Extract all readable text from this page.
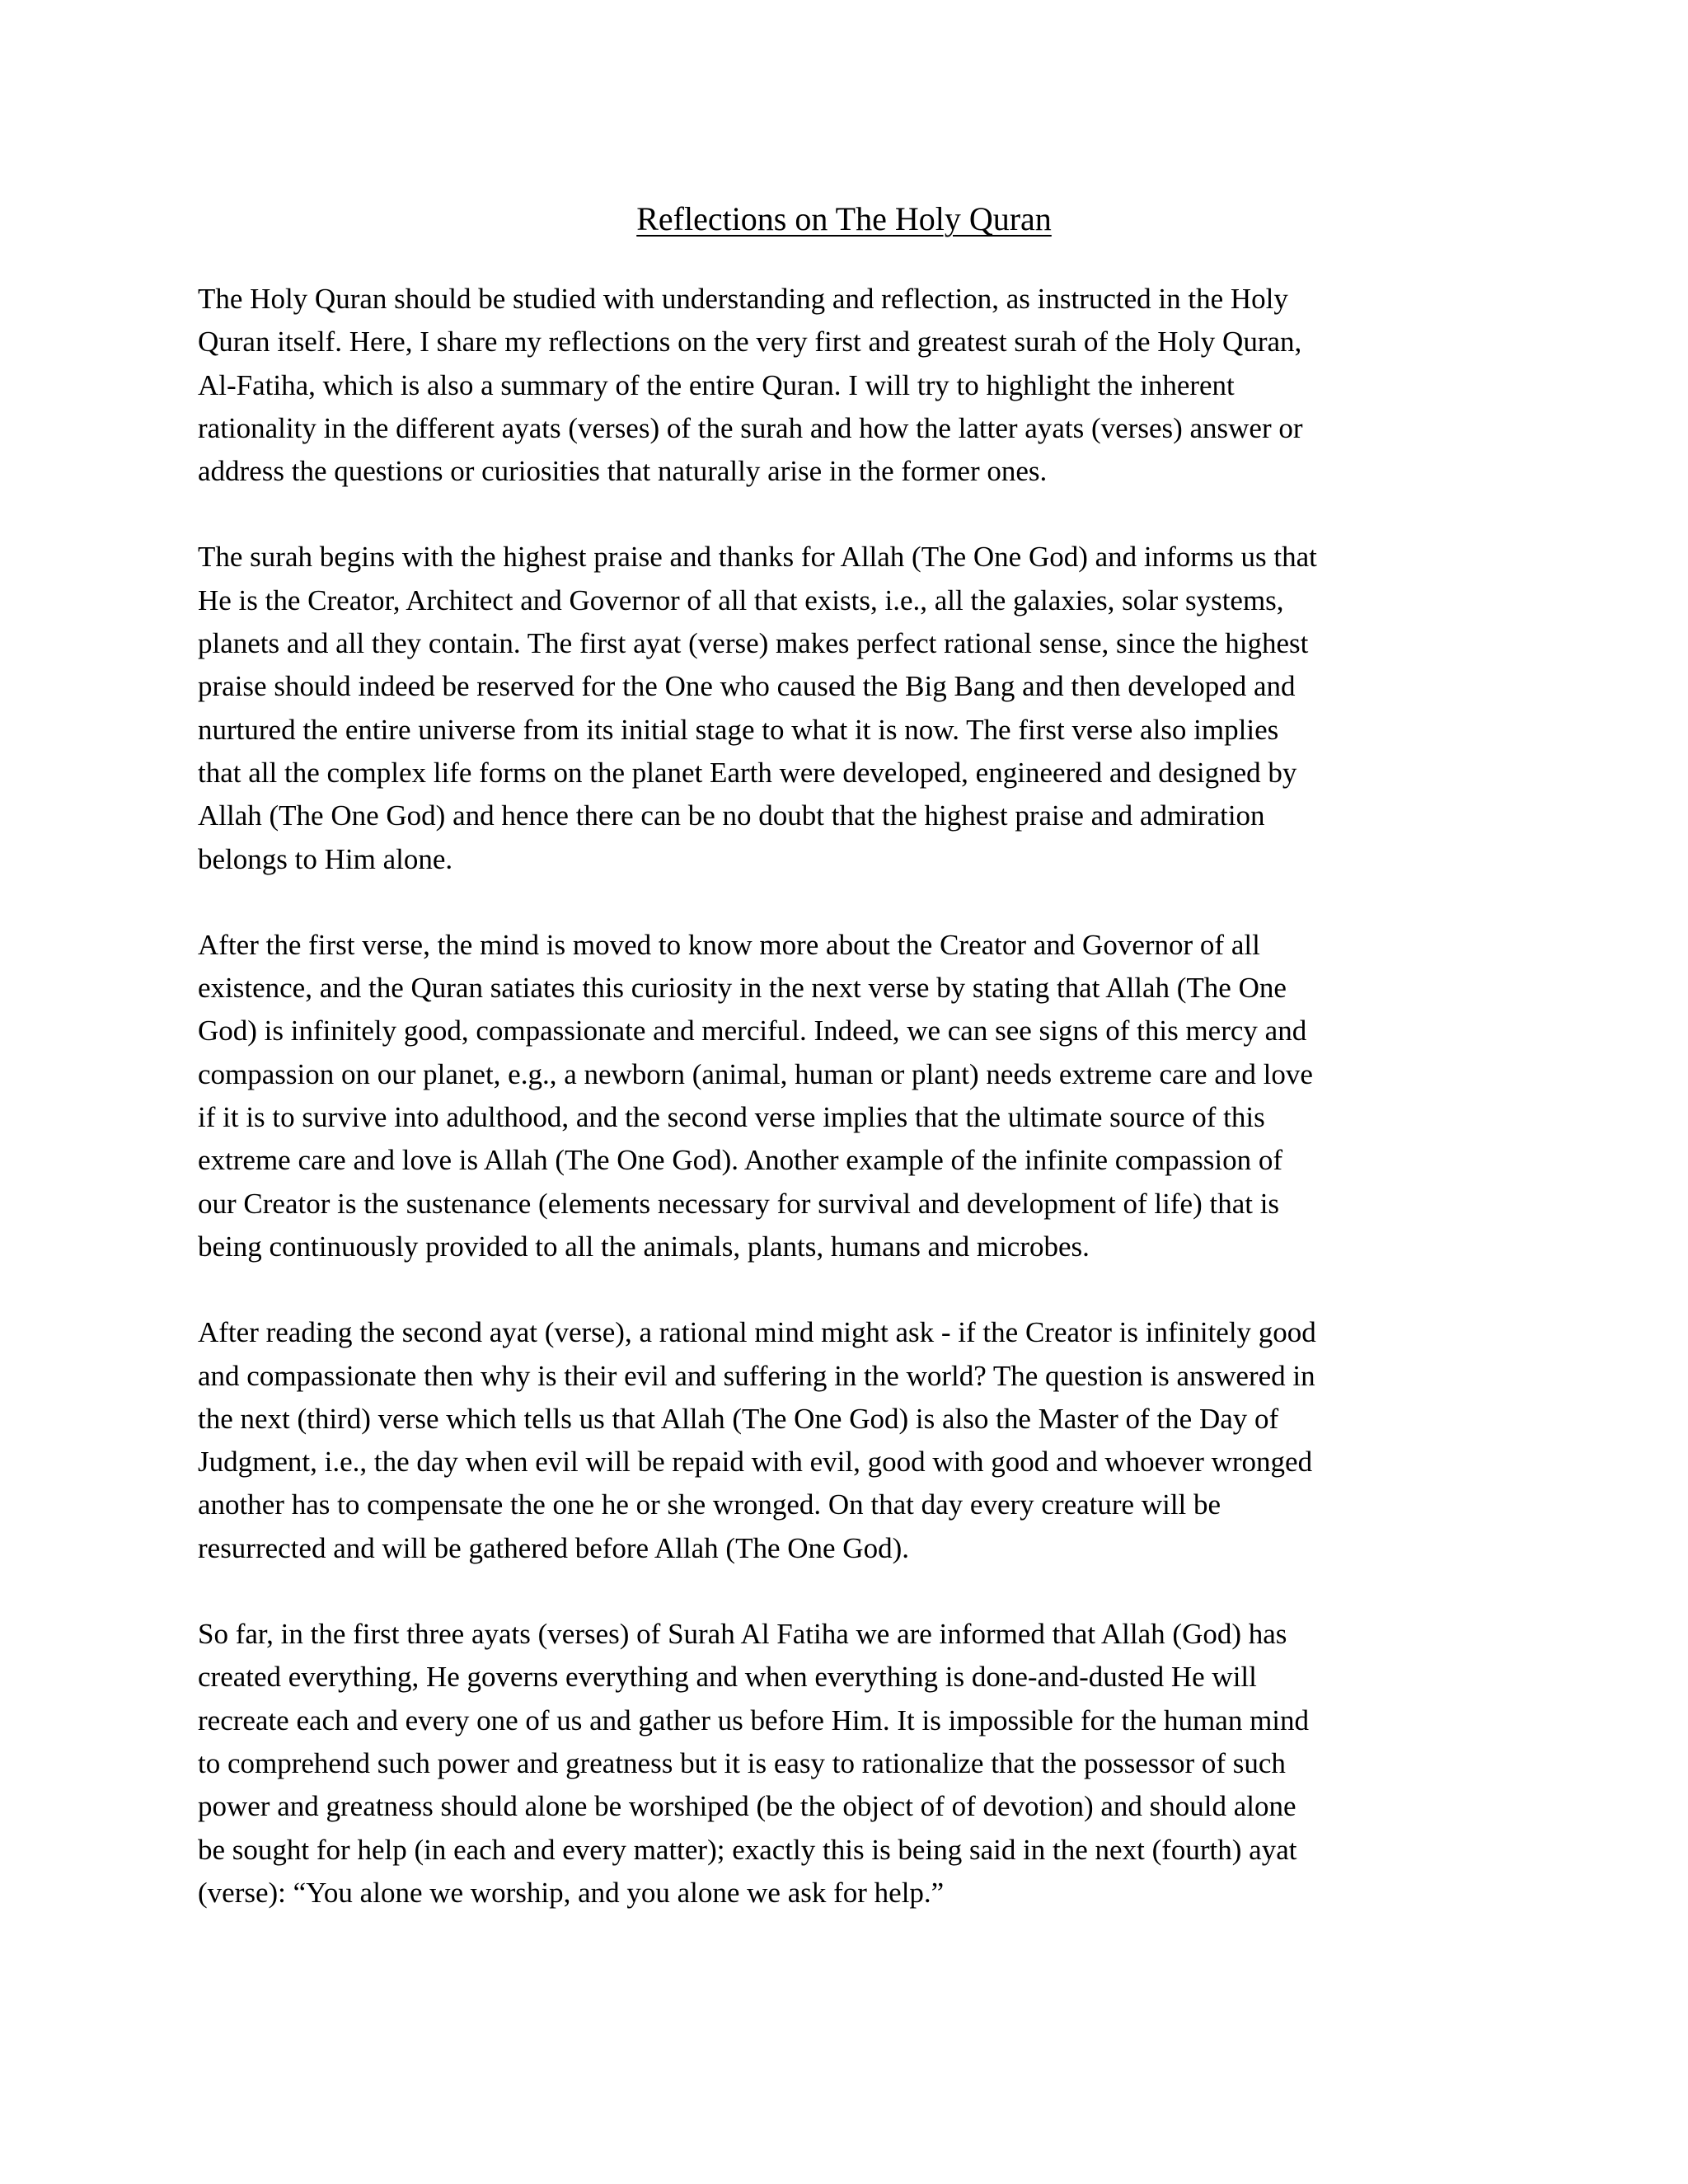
Reflections on The Holy Quran
The Holy Quran should be studied with understanding and reflection, as instructed in the Holy
Quran itself. Here, I share my reflections on the very first and greatest surah of the Holy Quran,
Al-Fatiha, which is also a summary of the entire Quran. I will try to highlight the inherent
rationality in the different ayats (verses) of the surah and how the latter ayats (verses) answer or
address the questions or curiosities that naturally arise in the former ones.
The surah begins with the highest praise and thanks for Allah (The One God) and informs us that
He is the Creator, Architect and Governor of all that exists, i.e., all the galaxies, solar systems,
planets and all they contain. The first ayat (verse) makes perfect rational sense, since the highest
praise should indeed be reserved for the One who caused the Big Bang and then developed and
nurtured the entire universe from its initial stage to what it is now. The first verse also implies
that all the complex life forms on the planet Earth were developed, engineered and designed by
Allah (The One God) and hence there can be no doubt that the highest praise and admiration
belongs to Him alone.
After the first verse, the mind is moved to know more about the Creator and Governor of all
existence, and the Quran satiates this curiosity in the next verse by stating that Allah (The One
God) is infinitely good, compassionate and merciful. Indeed, we can see signs of this mercy and
compassion on our planet, e.g., a newborn (animal, human or plant) needs extreme care and love
if it is to survive into adulthood, and the second verse implies that the ultimate source of this
extreme care and love is Allah (The One God). Another example of the infinite compassion of
our Creator is the sustenance (elements necessary for survival and development of life) that is
being continuously provided to all the animals, plants, humans and microbes.
After reading the second ayat (verse), a rational mind might ask - if the Creator is infinitely good
and compassionate then why is their evil and suffering in the world? The question is answered in
the next (third) verse which tells us that Allah (The One God) is also the Master of the Day of
Judgment, i.e., the day when evil will be repaid with evil, good with good and whoever wronged
another has to compensate the one he or she wronged. On that day every creature will be
resurrected and will be gathered before Allah (The One God).
So far, in the first three ayats (verses) of Surah Al Fatiha we are informed that Allah (God) has
created everything, He governs everything and when everything is done-and-dusted He will
recreate each and every one of us and gather us before Him. It is impossible for the human mind
to comprehend such power and greatness but it is easy to rationalize that the possessor of such
power and greatness should alone be worshiped (be the object of of devotion) and should alone
be sought for help (in each and every matter); exactly this is being said in the next (fourth) ayat
(verse): “You alone we worship, and you alone we ask for help.”
